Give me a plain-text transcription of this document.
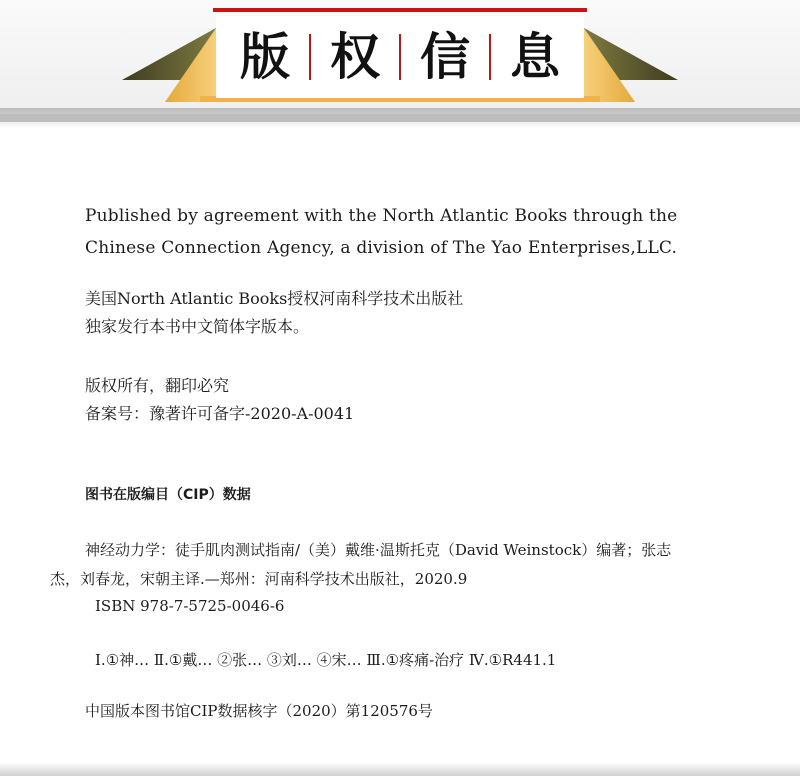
版 权 信 息
Published by agreement with the North Atlantic Books through the
Chinese Connection Agency, a division of The Yao Enterprises,LLC.
美国North Atlantic Books授权河南科学技术出版社
独家发行本书中文简体字版本。
版权所有，翻印必究
备案号：豫著许可备字-2020-A-0041
图书在版编目（CIP）数据
神经动力学：徒手肌肉测试指南/（美）戴维·温斯托克（David Weinstock）编著；张志
杰，刘春龙，宋朝主译.—郑州：河南科学技术出版社，2020.9
ISBN 978-7-5725-0046-6
Ⅰ.①神… Ⅱ.①戴… ②张… ③刘… ④宋… Ⅲ.①疼痛-治疗 Ⅳ.①R441.1
中国版本图书馆CIP数据核字（2020）第120576号
